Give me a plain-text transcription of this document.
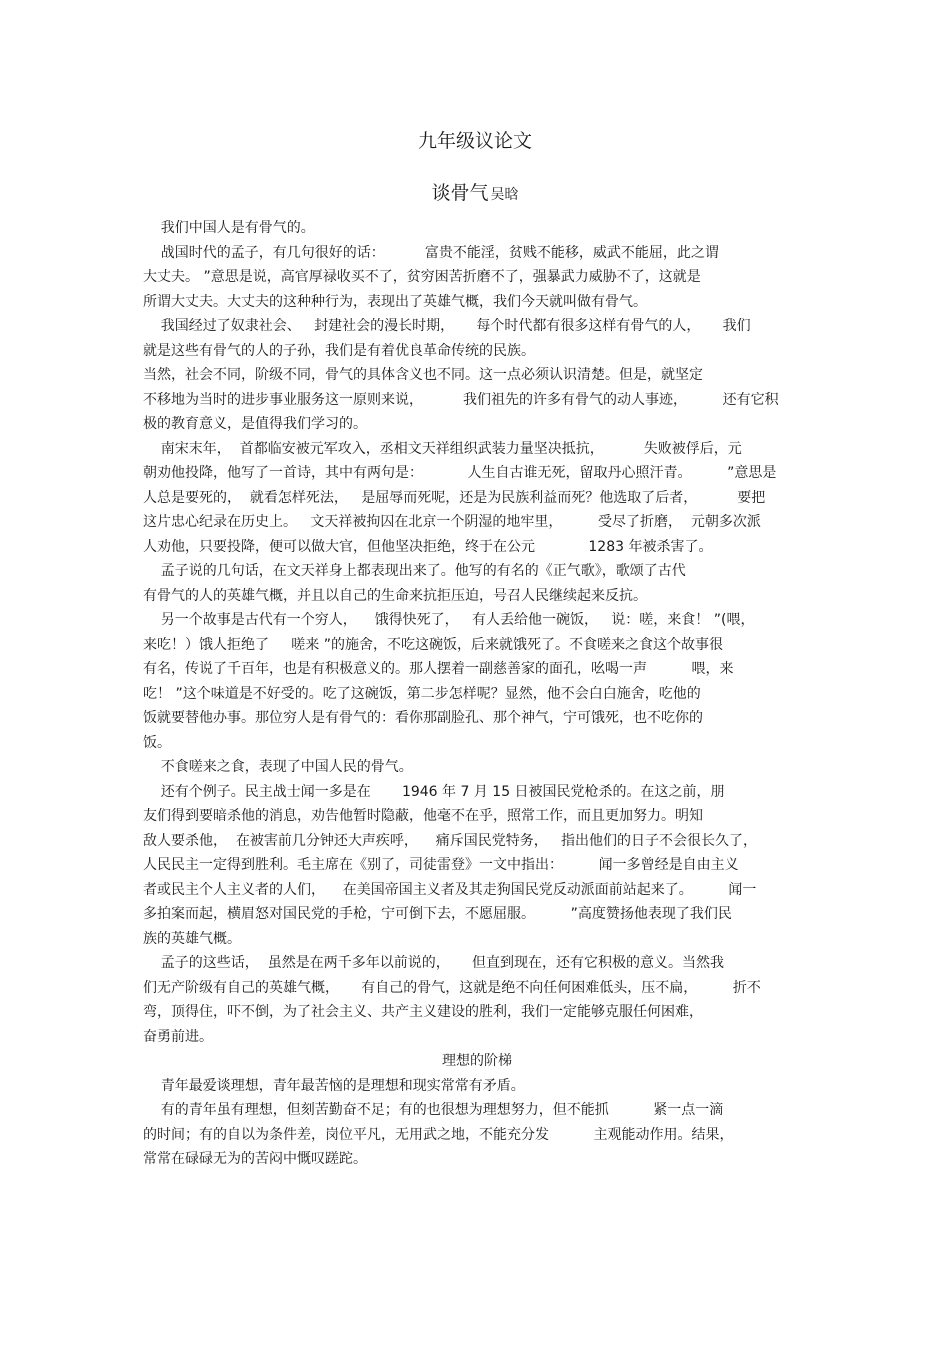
九年级议论文
谈骨气 吴晗
我们中国人是有骨气的。
战国时代的孟子，有几句很好的话：         富贵不能淫，贫贱不能移，威武不能屈，此之谓
大丈夫。 ”意思是说，高官厚禄收买不了，贫穷困苦折磨不了，强暴武力威胁不了，这就是
所谓大丈夫。大丈夫的这种种行为，表现出了英雄气概，我们今天就叫做有骨气。
我国经过了奴隶社会、   封建社会的漫长时期，     每个时代都有很多这样有骨气的人，     我们
就是这些有骨气的人的子孙，我们是有着优良革命传统的民族。
当然，社会不同，阶级不同，骨气的具体含义也不同。这一点必须认识清楚。但是，就坚定
不移地为当时的进步事业服务这一原则来说，         我们祖先的许多有骨气的动人事迹，        还有它积
极的教育意义，是值得我们学习的。
南宋末年，  首都临安被元军攻入，丞相文天祥组织武装力量坚决抵抗，         失败被俘后，元
朝劝他投降，他写了一首诗，其中有两句是：          人生自古谁无死，留取丹心照汗青。        ”意思是
人总是要死的，  就看怎样死法，   是屈辱而死呢，还是为民族利益而死？他选取了后者，         要把
这片忠心纪录在历史上。   文天祥被拘囚在北京一个阴湿的地牢里，        受尽了折磨，  元朝多次派
人劝他，只要投降，便可以做大官，但他坚决拒绝，终于在公元            1283 年被杀害了。
孟子说的几句话，在文天祥身上都表现出来了。他写的有名的《正气歌》，歌颂了古代
有骨气的人的英雄气概，并且以自己的生命来抗拒压迫，号召人民继续起来反抗。
另一个故事是古代有一个穷人，    饿得快死了，   有人丢给他一碗饭，   说：嗟，来食！ ”(喂，
来吃！）饿人拒绝了     嗟来 ”的施舍，不吃这碗饭，后来就饿死了。不食嗟来之食这个故事很
有名，传说了千百年，也是有积极意义的。那人摆着一副慈善家的面孔，吆喝一声          喂，来
吃！ ”这个味道是不好受的。吃了这碗饭，第二步怎样呢？显然，他不会白白施舍，吃他的
饭就要替他办事。那位穷人是有骨气的：看你那副脸孔、那个神气，宁可饿死，也不吃你的
饭。
不食嗟来之食，表现了中国人民的骨气。
还有个例子。民主战士闻一多是在       1946 年 7 月 15 日被国民党枪杀的。在这之前，朋
友们得到要暗杀他的消息，劝告他暂时隐蔽，他毫不在乎，照常工作，而且更加努力。明知
敌人要杀他，  在被害前几分钟还大声疾呼，    痛斥国民党特务，   指出他们的日子不会很长久了，
人民民主一定得到胜利。毛主席在《别了，司徒雷登》一文中指出：        闻一多曾经是自由主义
者或民主个人主义者的人们，    在美国帝国主义者及其走狗国民党反动派面前站起来了。        闻一
多拍案而起，横眉怒对国民党的手枪，宁可倒下去，不愿屈服。        ”高度赞扬他表现了我们民
族的英雄气概。
孟子的这些话，  虽然是在两千多年以前说的，     但直到现在，还有它积极的意义。当然我
们无产阶级有自己的英雄气概，     有自己的骨气，这就是绝不向任何困难低头，压不扁，        折不
弯，顶得住，吓不倒，为了社会主义、共产主义建设的胜利，我们一定能够克服任何困难，
奋勇前进。
理想的阶梯
青年最爱谈理想，青年最苦恼的是理想和现实常常有矛盾。
有的青年虽有理想，但刻苦勤奋不足；有的也很想为理想努力，但不能抓          紧一点一滴
的时间；有的自以为条件差，岗位平凡，无用武之地，不能充分发          主观能动作用。结果，
常常在碌碌无为的苦闷中慨叹蹉跎。
